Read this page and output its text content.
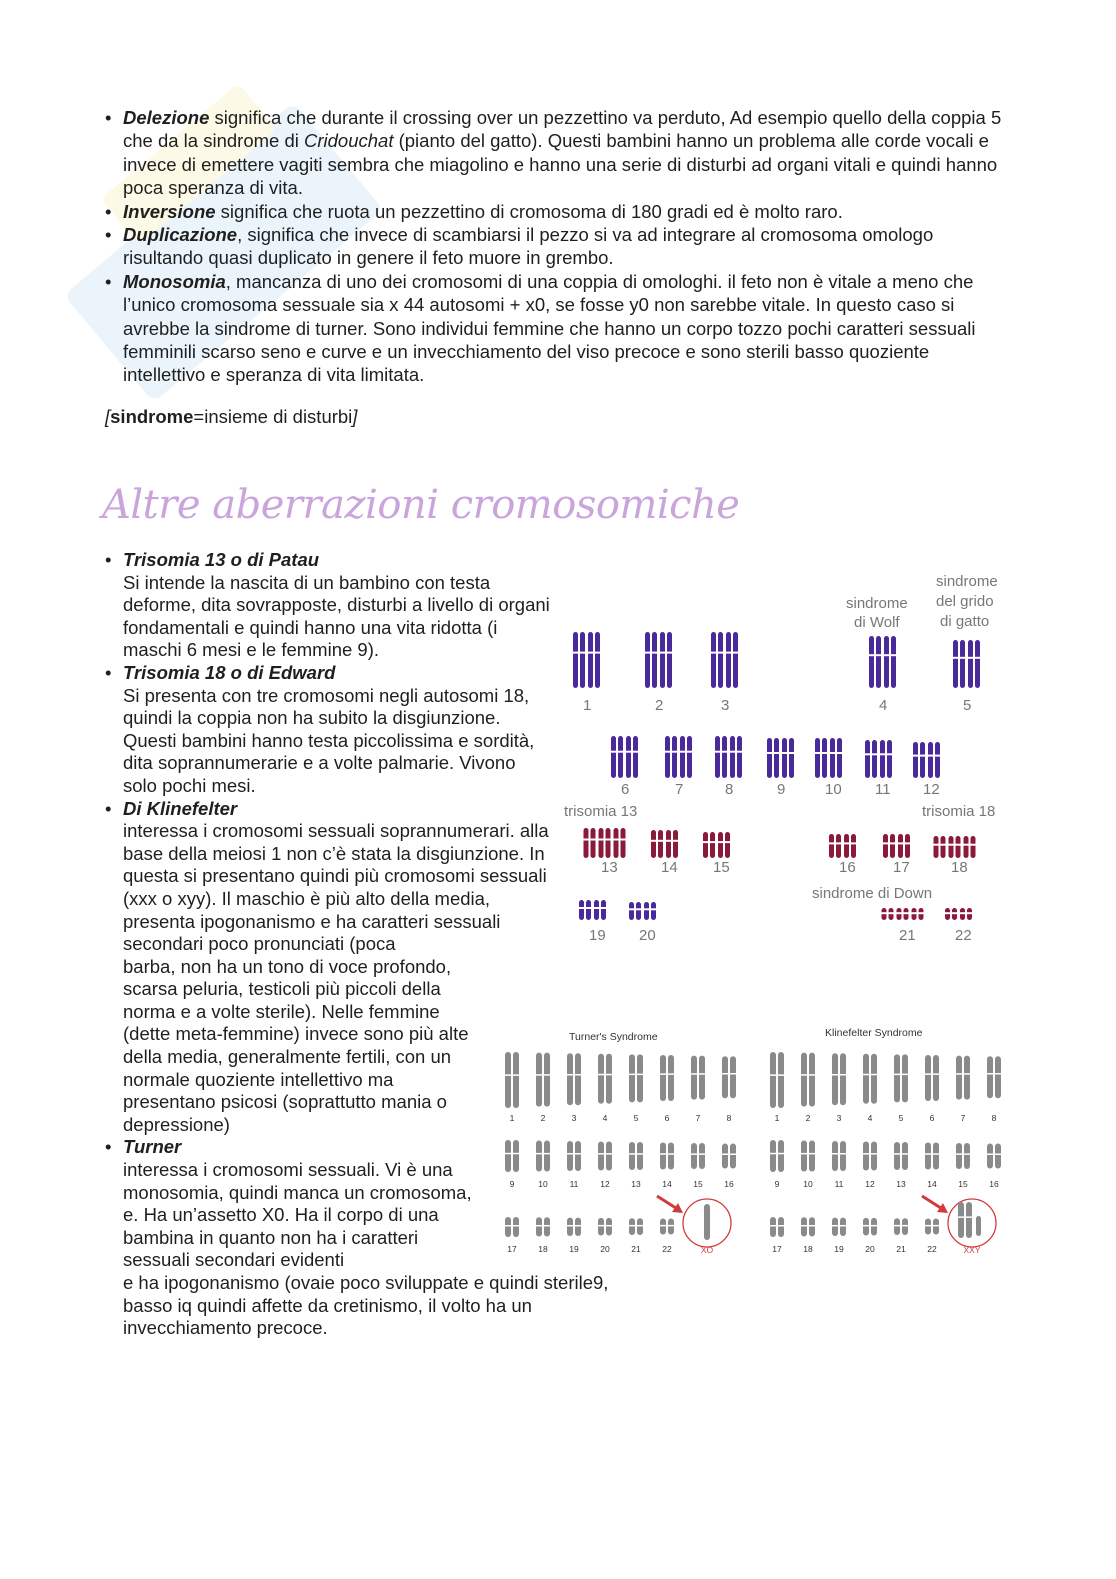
• Delezione significa che durante il crossing over un pezzettino va perduto, Ad esempio quello della coppia 5 che da la sindrome di Cridouchat (pianto del gatto). Questi bambini hanno un problema alle corde vocali e invece di emettere vagiti sembra che miagolino e hanno una serie di disturbi ad organi vitali e quindi hanno poca speranza di vita.
• Inversione significa che ruota un pezzettino di cromosoma di 180 gradi ed è molto raro.
• Duplicazione, significa che invece di scambiarsi il pezzo si va ad integrare al cromosoma omologo risultando quasi duplicato in genere il feto muore in grembo.
• Monosomia, mancanza di uno dei cromosomi di una coppia di omologhi. il feto non è vitale a meno che l’unico cromosoma sessuale sia x 44 autosomi + x0, se fosse y0 non sarebbe vitale. In questo caso si avrebbe la sindrome di turner. Sono individui femmine che hanno un corpo tozzo pochi caratteri sessuali femminili scarso seno e curve e un invecchiamento del viso precoce e sono sterili basso quoziente intellettivo e speranza di vita limitata.
[sindrome=insieme di disturbi]
Altre aberrazioni cromosomiche
• Trisomia 13 o di Patau
Si intende la nascita di un bambino con testa deforme, dita sovrapposte, disturbi a livello di organi fondamentali e quindi hanno una vita ridotta (i maschi 6 mesi e le femmine 9).
• Trisomia 18 o di Edward
Si presenta con tre cromosomi negli autosomi 18, quindi la coppia non ha subito la disgiunzione. Questi bambini hanno testa piccolissima e sordità, dita soprannumerarie e a volte palmarie. Vivono solo pochi mesi.
• Di Klinefelter
interessa i cromosomi sessuali soprannumerari. alla base della meiosi 1 non c’è stata la disgiunzione. In questa si presentano quindi più cromosomi sessuali (xxx o xyy). Il maschio è più alto della media, presenta ipogonanismo e ha caratteri sessuali secondari poco pronunciati (poca
barba, non ha un tono di voce profondo, scarsa peluria, testicoli più piccoli della norma e a volte sterile). Nelle femmine (dette meta-femmine) invece sono più alte della media, generalmente fertili, con un normale quoziente intellettivo ma presentano psicosi (soprattutto mania o depressione)
• Turner
interessa i cromosomi sessuali. Vi è una monosomia, quindi manca un cromosoma, e. Ha un’assetto X0. Ha il corpo di una bambina in quanto non ha i caratteri sessuali secondari evidenti
e ha ipogonanismo (ovaie poco sviluppate e quindi sterile9, basso iq quindi affette da cretinismo, il volto ha un invecchiamento precoce.
sindrome
di Wolf
sindrome
del grido
di gatto
trisomia 13	trisomia 18
sindrome di Down
1	2	3	4	5
6	7	8	9	10 11 12
13	14 15	16 17	18
19 20	21	22
Turner's Syndrome	Klinefelter Syndrome
1	2	3	4	5	6	7	8
9	10	11	12	13	14	15	16
17	18	19	20	21	22	XO
1	2	3	4	5	6	7	8
9	10	11	12	13	14	15	16
17	18	19	20	21	22	XXY
